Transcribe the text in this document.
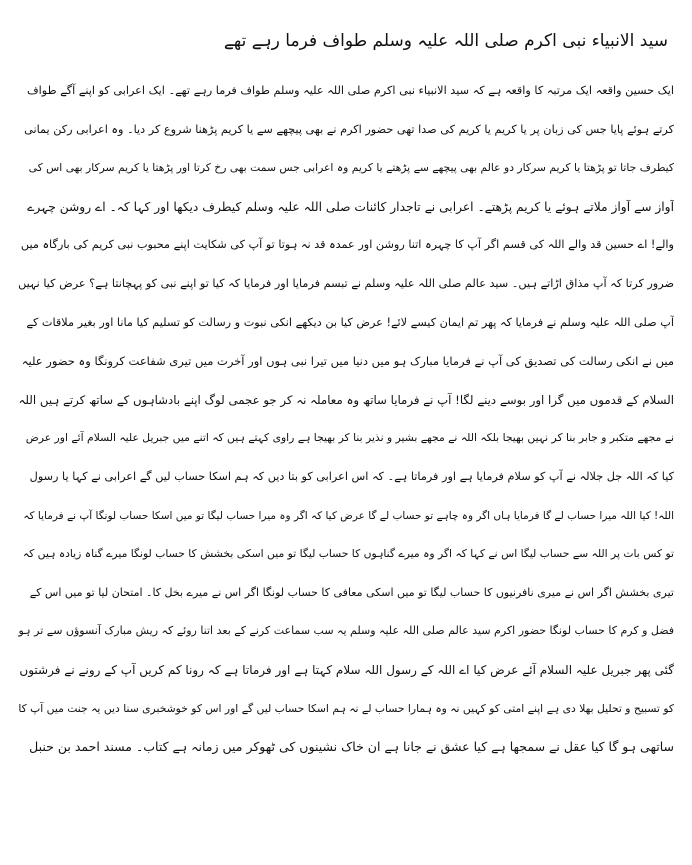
سید الانبیاء نبی اکرم صلی اللہ علیہ وسلم طواف فرما رہے تھے
ایک حسین واقعہ ایک مرتبہ کا واقعہ ہے کہ سید الانبیاء نبی اکرم صلی اللہ علیہ وسلم طواف فرما رہے تھے۔ ایک اعرابی کو اپنے آگے طواف
کرتے ہوئے پایا جس کی زبان پر یا کریم یا کریم کی صدا تھی حضور اکرم نے بھی پیچھے سے یا کریم پڑھنا شروع کر دیا۔ وہ اعرابی رکن یمانی
کیطرف جاتا تو پڑھتا یا کریم سرکار دو عالم بھی پیچھے سے پڑھتے یا کریم وہ اعرابی جس سمت بھی رخ کرتا اور پڑھتا یا کریم سرکار بھی اس کی
آواز سے آواز ملاتے ہوئے یا کریم پڑھتے۔ اعرابی نے تاجدار کائنات صلی اللہ علیہ وسلم کیطرف دیکھا اور کہا کہ۔ اے روشن چہرے
والے! اے حسین قد والے اللہ کی قسم اگر آپ کا چہرہ اتنا روشن اور عمدہ قد نہ ہوتا تو آپ کی شکایت اپنے محبوب نبی کریم کی بارگاہ میں
ضرور کرتا کہ آپ مذاق اڑاتے ہیں۔ سید عالم صلی اللہ علیہ وسلم نے تبسم فرمایا اور فرمایا کہ کیا تو اپنے نبی کو پہچانتا ہے؟ عرض کیا نہیں
آپ صلی اللہ علیہ وسلم نے فرمایا کہ پھر تم ایمان کیسے لائے! عرض کیا بن دیکھے انکی نبوت و رسالت کو تسلیم کیا مانا اور بغیر ملاقات کے
میں نے انکی رسالت کی تصدیق کی آپ نے فرمایا مبارک ہو میں دنیا میں تیرا نبی ہوں اور آخرت میں تیری شفاعت کرونگا وہ حضور علیہ
السلام کے قدموں میں گرا اور بوسے دینے لگا! آپ نے فرمایا ساتھ وہ معاملہ نہ کر جو عجمی لوگ اپنے بادشاہوں کے ساتھ کرتے ہیں اللہ
نے مجھے متکبر و جابر بنا کر نہیں بھیجا بلکہ اللہ نے مجھے بشیر و نذیر بنا کر بھیجا ہے راوی کہتے ہیں کہ اتنے میں جبریل علیہ السلام آئے اور عرض
کیا کہ اللہ جل جلالہ نے آپ کو سلام فرمایا ہے اور فرماتا ہے۔ کہ اس اعرابی کو بتا دیں کہ ہم اسکا حساب لیں گے اعرابی نے کہا یا رسول
اللہ! کیا اللہ میرا حساب لے گا فرمایا ہاں اگر وہ چاہے تو حساب لے گا عرض کیا کہ اگر وہ میرا حساب لیگا تو میں اسکا حساب لونگا آپ نے فرمایا کہ
تو کس بات پر اللہ سے حساب لیگا اس نے کہا کہ اگر وہ میرے گناہوں کا حساب لیگا تو میں اسکی بخشش کا حساب لونگا میرے گناہ زیادہ ہیں کہ
تیری بخشش اگر اس نے میری نافرنیوں کا حساب لیگا تو میں اسکی معافی کا حساب لونگا اگر اس نے میرے بخل کا۔ امتحان لیا تو میں اس کے
فضل و کرم کا حساب لونگا حضور اکرم سید عالم صلی اللہ علیہ وسلم یہ سب سماعت کرنے کے بعد اتنا روئے کہ ریش مبارک آنسوؤں سے تر ہو
گئی پھر جبریل علیہ السلام آئے عرض کیا اے اللہ کے رسول اللہ سلام کہتا ہے اور فرماتا ہے کہ رونا کم کریں آپ کے رونے نے فرشتوں
کو تسبیح و تحلیل بھلا دی ہے اپنے امتی کو کہیں نہ وہ ہمارا حساب لے نہ ہم اسکا حساب لیں گے اور اس کو خوشخبری سنا دیں یہ جنت میں آپ کا
ساتھی ہو گا کیا عقل نے سمجھا ہے کیا عشق نے جانا ہے ان خاک نشینوں کی ٹھوکر میں زمانہ ہے کتاب۔ مسند احمد بن حنبل
